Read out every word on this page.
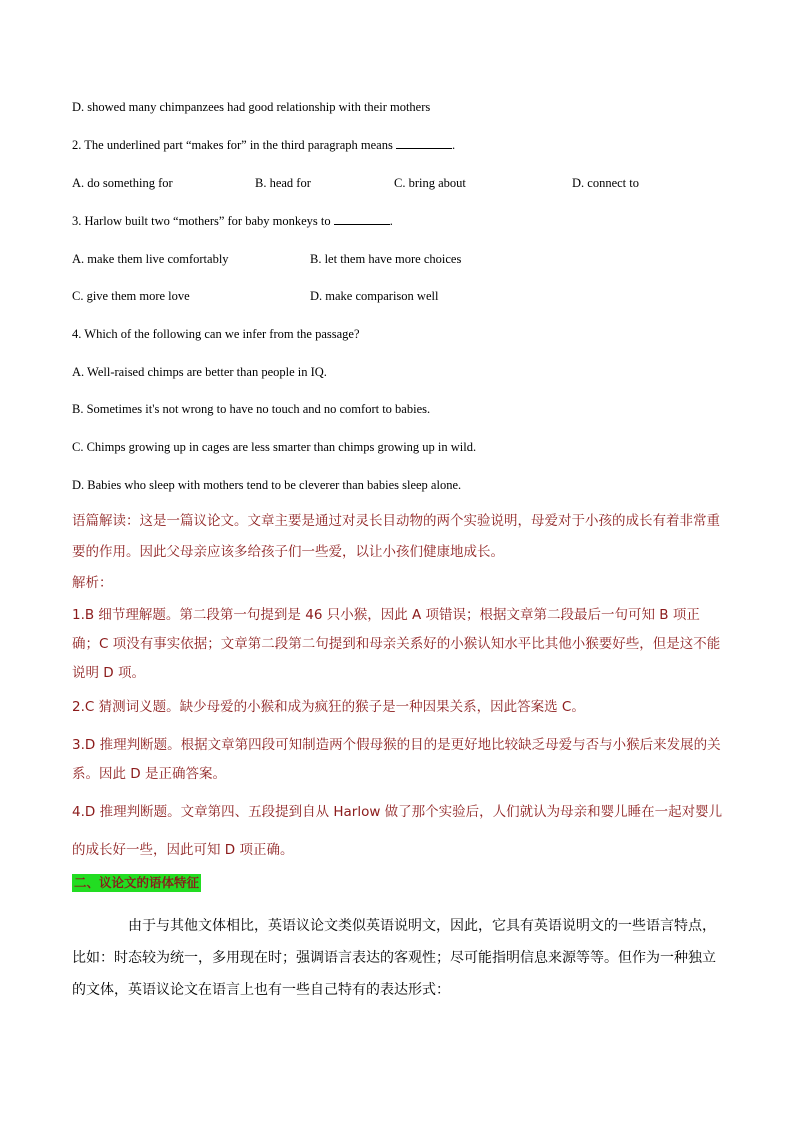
D. showed many chimpanzees had good relationship with their mothers
2. The underlined part “makes for” in the third paragraph means	.
A. do something for	B. head for	C. bring about	D. connect to
3. Harlow built two “mothers” for baby monkeys to	.
A. make them live comfortably	B. let them have more choices
C. give them more love	D. make comparison well
4. Which of the following can we infer from the passage?
A. Well-raised chimps are better than people in IQ.
B. Sometimes it's not wrong to have no touch and no comfort to babies.
C. Chimps growing up in cages are less smarter than chimps growing up in wild.
D. Babies who sleep with mothers tend to be cleverer than babies sleep alone.
语篇解读：这是一篇议论文。文章主要是通过对灵长目动物的两个实验说明，母爱对于小孩的成长有着非常重要的作用。因此父母亲应该多给孩子们一些爱，以让小孩们健康地成长。
解析：
1.B 细节理解题。第二段第一句提到是 46 只小猴，因此 A 项错误；根据文章第二段最后一句可知 B 项正确；C 项没有事实依据；文章第二段第二句提到和母亲关系好的小猴认知水平比其他小猴要好些，但是这不能说明 D 项。
2.C 猜测词义题。缺少母爱的小猴和成为疯狂的猴子是一种因果关系，因此答案选 C。
3.D 推理判断题。根据文章第四段可知制造两个假母猴的目的是更好地比较缺乏母爱与否与小猴后来发展的关系。因此 D 是正确答案。
4.D 推理判断题。文章第四、五段提到自从 Harlow 做了那个实验后，人们就认为母亲和婴儿睡在一起对婴儿的成长好一些，因此可知 D 项正确。
二、议论文的语体特征
由于与其他文体相比，英语议论文类似英语说明文，因此，它具有英语说明文的一些语言特点，比如：时态较为统一，多用现在时；强调语言表达的客观性；尽可能指明信息来源等等。但作为一种独立的文体，英语议论文在语言上也有一些自己特有的表达形式：
